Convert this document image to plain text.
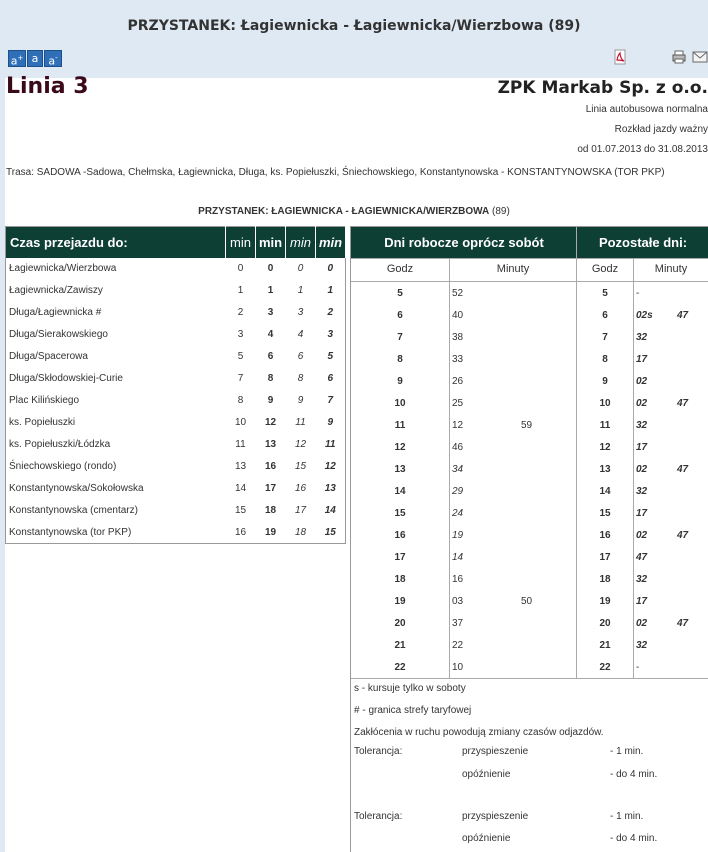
PRZYSTANEK: Łagiewnicka - Łagiewnicka/Wierzbowa (89)
a+ a a-
Linia 3	ZPK Markab Sp. z o.o.
Linia autobusowa normalna
Rozkład jazdy ważny
od 01.07.2013 do 31.08.2013
Trasa: SADOWA -Sadowa, Chełmska, Łagiewnicka, Długa, ks. Popiełuszki, Śniechowskiego, Konstantynowska - KONSTANTYNOWSKA (TOR PKP)
PRZYSTANEK: ŁAGIEWNICKA - ŁAGIEWNICKA/WIERZBOWA (89)
Czas przejazdu do:	min	min	min	min
Łagiewnicka/Wierzbowa	0	0	0	0
Łagiewnicka/Zawiszy	1	1	1	1
Długa/Łagiewnicka #	2	3	3	2
Długa/Sierakowskiego	3	4	4	3
Długa/Spacerowa	5	6	6	5
Długa/Skłodowskiej-Curie	7	8	8	6
Plac Kilińskiego	8	9	9	7
ks. Popiełuszki	10	12	11	9
ks. Popiełuszki/Łódzka	11	13	12	11
Śniechowskiego (rondo)	13	16	15	12
Konstantynowska/Sokołowska	14	17	16	13
Konstantynowska (cmentarz)	15	18	17	14
Konstantynowska (tor PKP)	16	19	18	15
Dni robocze oprócz sobót	Pozostałe dni:
Godz	Minuty	Godz	Minuty
5	52	5	-
6	40	6	02s 47
7	38	7	32
8	33	8	17
9	26	9	02
10	25	10	02	47
11	12	59	11	32
12	46	12	17
13	34	13	02	47
14	29	14	32
15	24	15	17
16	19	16	02	47
17	14	17	47
18	16	18	32
19	03	50	19	17
20	37	20	02	47
21	22	21	32
22	10	22	-
s - kursuje tylko w soboty
# - granica strefy taryfowej
Zakłócenia w ruchu powodują zmiany czasów odjazdów.
Tolerancja:	przyspieszenie	- 1 min.
opóźnienie	- do 4 min.
Tolerancja:	przyspieszenie	- 1 min.
opóźnienie	- do 4 min.
